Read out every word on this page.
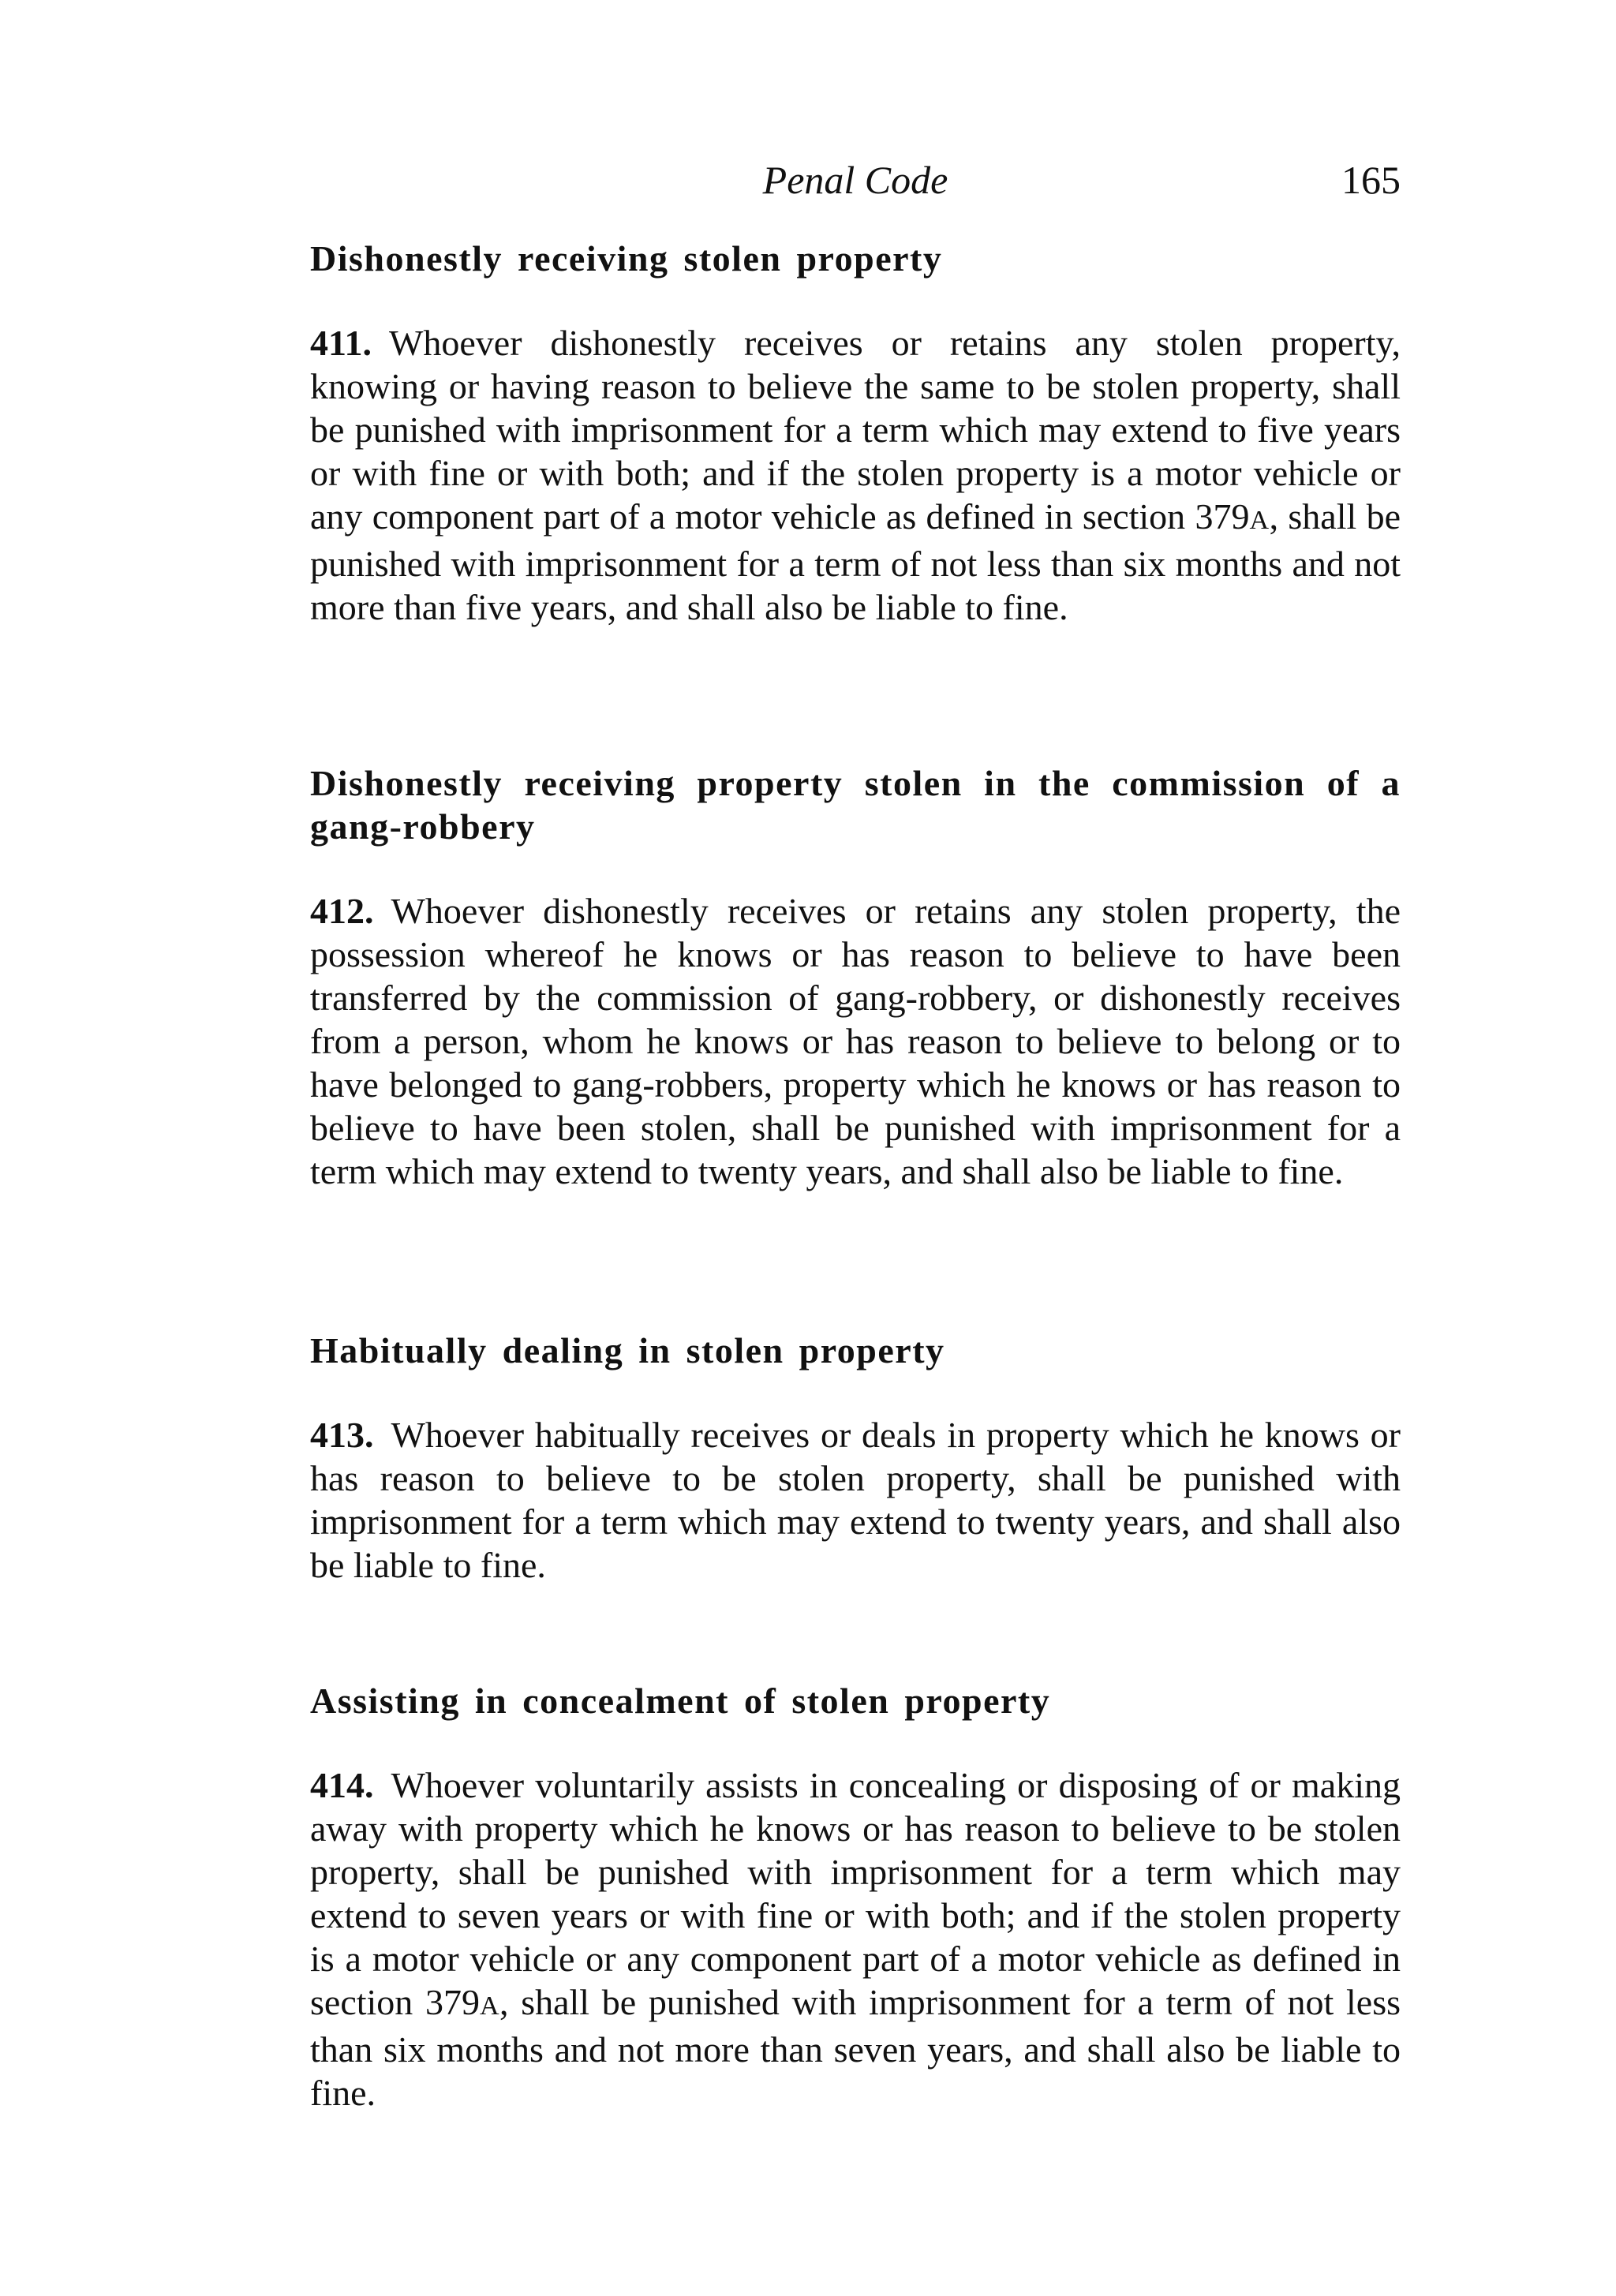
Penal Code	165
Dishonestly receiving stolen property

411. Whoever dishonestly receives or retains any stolen property, knowing or having reason to believe the same to be stolen property, shall be punished with imprisonment for a term which may extend to five years or with fine or with both; and if the stolen property is a motor vehicle or any component part of a motor vehicle as defined in section 379A, shall be punished with imprisonment for a term of not less than six months and not more than five years, and shall also be liable to fine.

Dishonestly receiving property stolen in the commission of a gang-robbery

412. Whoever dishonestly receives or retains any stolen property, the possession whereof he knows or has reason to believe to have been transferred by the commission of gang-robbery, or dishonestly receives from a person, whom he knows or has reason to believe to belong or to have belonged to gang-robbers, property which he knows or has reason to believe to have been stolen, shall be punished with imprisonment for a term which may extend to twenty years, and shall also be liable to fine.

Habitually dealing in stolen property

413. Whoever habitually receives or deals in property which he knows or has reason to believe to be stolen property, shall be punished with imprisonment for a term which may extend to twenty years, and shall also be liable to fine.

Assisting in concealment of stolen property

414. Whoever voluntarily assists in concealing or disposing of or making away with property which he knows or has reason to believe to be stolen property, shall be punished with imprisonment for a term which may extend to seven years or with fine or with both; and if the stolen property is a motor vehicle or any component part of a motor vehicle as defined in section 379A, shall be punished with imprisonment for a term of not less than six months and not more than seven years, and shall also be liable to fine.
